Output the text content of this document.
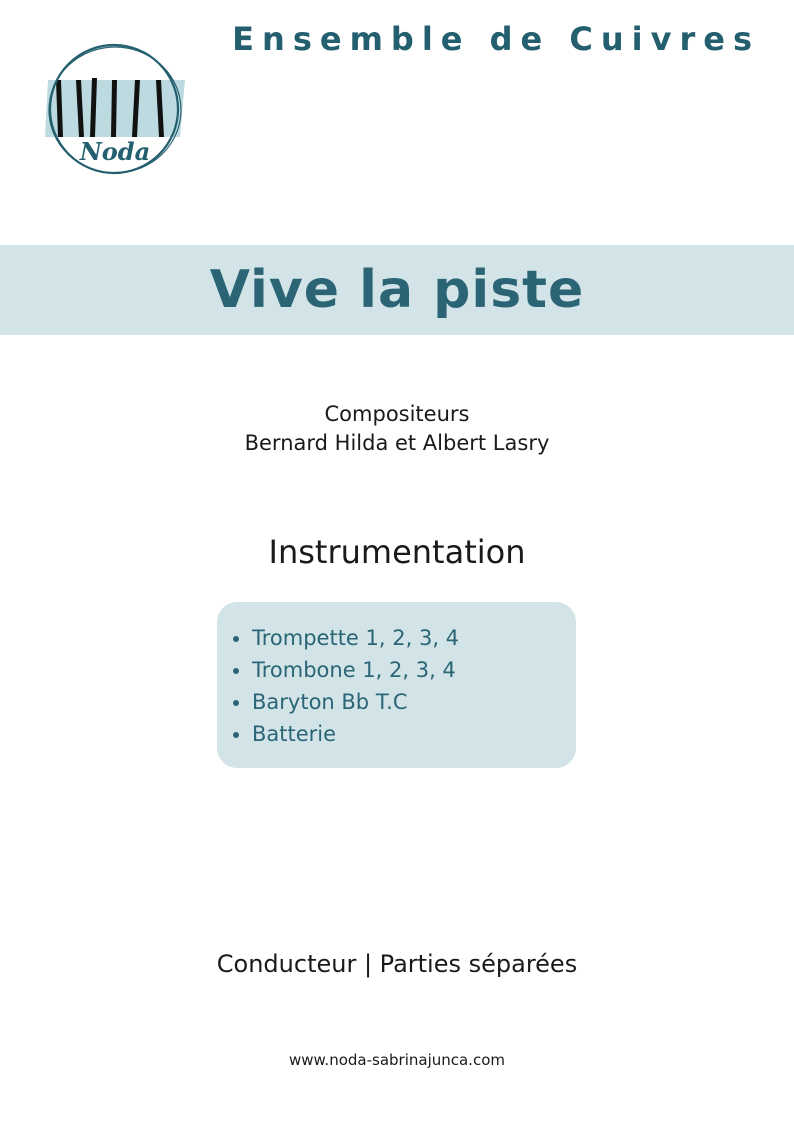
Ensemble de Cuivres
Noda
Vive la piste
Compositeurs
Bernard Hilda et Albert Lasry
Instrumentation
Trompette 1, 2, 3, 4
Trombone 1, 2, 3, 4
Baryton Bb T.C
Batterie
Conducteur | Parties séparées
www.noda-sabrinajunca.com
